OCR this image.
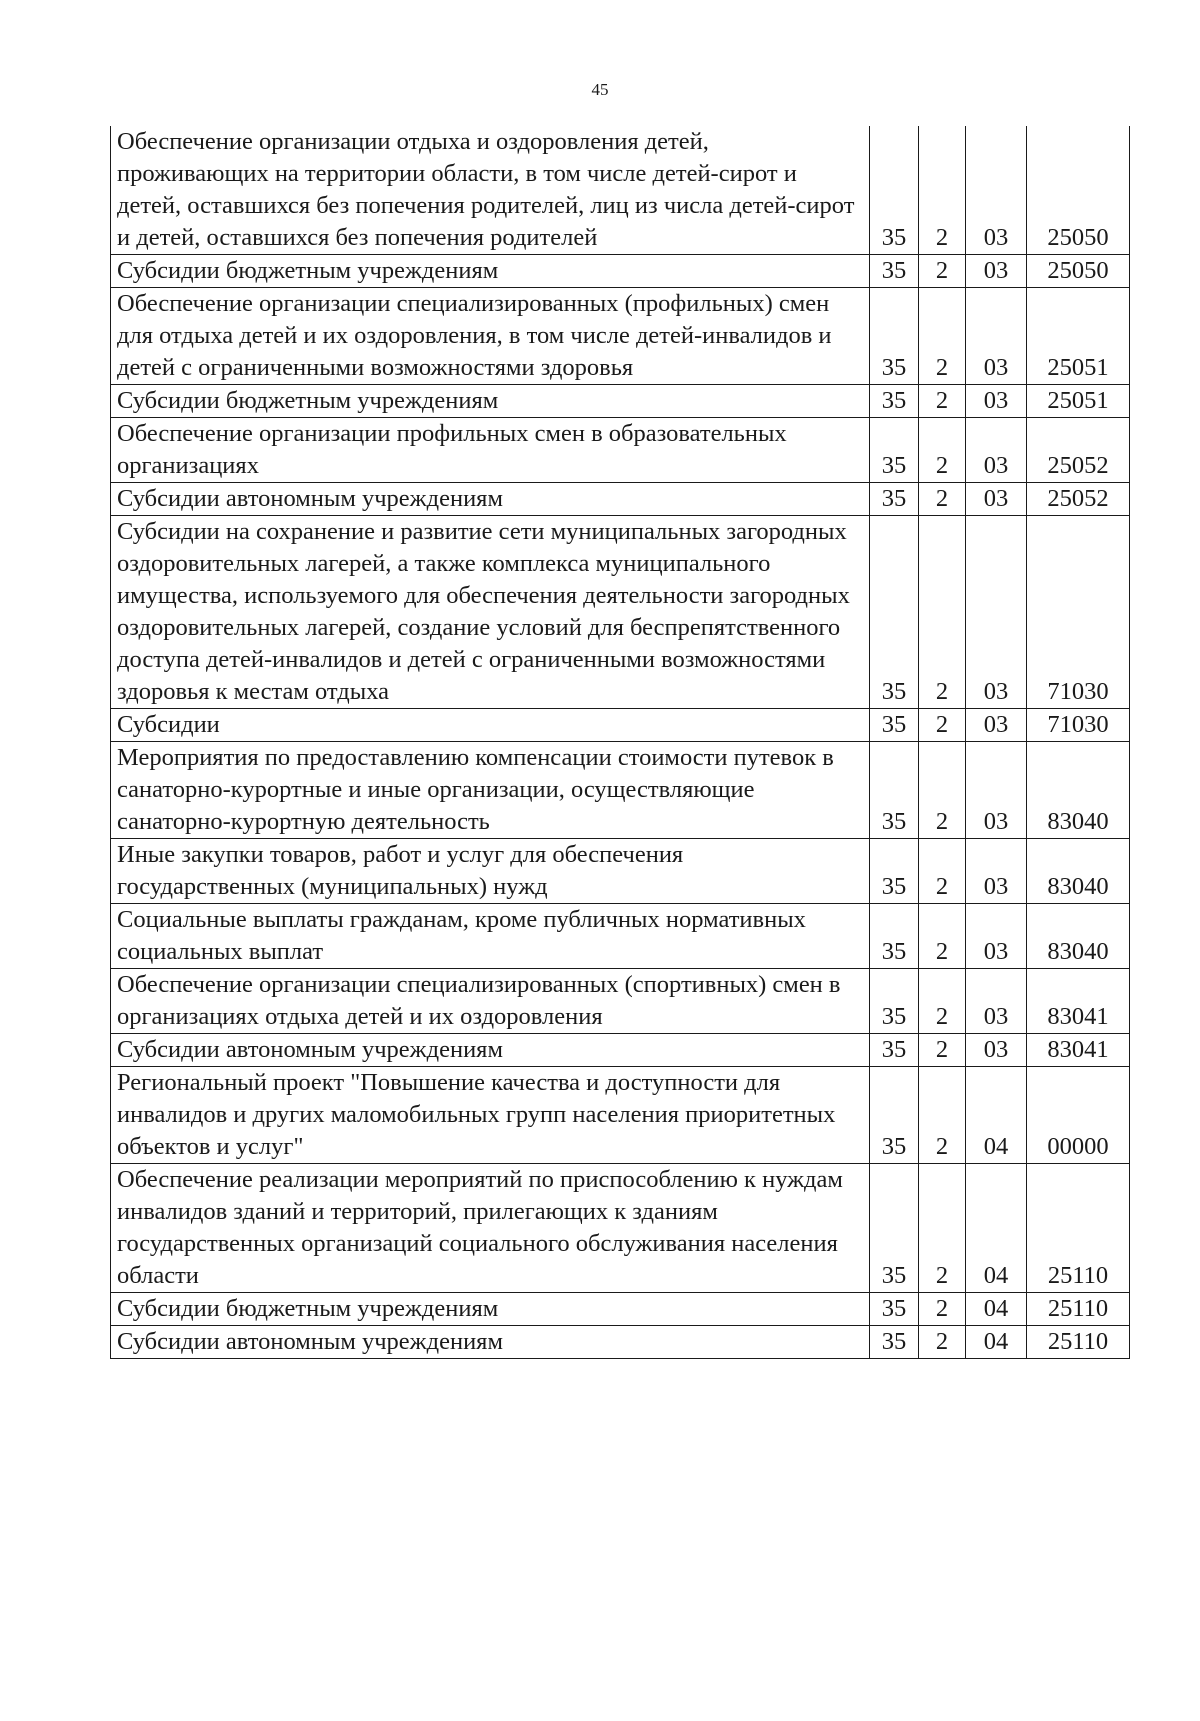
45
Обеспечение организации отдыха и оздоровления детей, проживающих на территории области, в том числе детей-сирот и детей, оставшихся без попечения родителей, лиц из числа детей-сирот и детей, оставшихся без попечения родителей	35	2	03	25050
Субсидии бюджетным учреждениям	35	2	03	25050
Обеспечение организации специализированных (профильных) смен для отдыха детей и их оздоровления, в том числе детей-инвалидов и детей с ограниченными возможностями здоровья	35	2	03	25051
Субсидии бюджетным учреждениям	35	2	03	25051
Обеспечение организации профильных смен в образовательных организациях	35	2	03	25052
Субсидии автономным учреждениям	35	2	03	25052
Субсидии на сохранение и развитие сети муниципальных загородных оздоровительных лагерей, а также комплекса муниципального имущества, используемого для обеспечения деятельности загородных оздоровительных лагерей, создание условий для беспрепятственного доступа детей-инвалидов и детей с ограниченными возможностями здоровья к местам отдыха	35	2	03	71030
Субсидии	35	2	03	71030
Мероприятия по предоставлению компенсации стоимости путевок в санаторно-курортные и иные организации, осуществляющие санаторно-курортную деятельность	35	2	03	83040
Иные закупки товаров, работ и услуг для обеспечения государственных (муниципальных) нужд	35	2	03	83040
Социальные выплаты гражданам, кроме публичных нормативных социальных выплат	35	2	03	83040
Обеспечение организации специализированных (спортивных) смен в организациях отдыха детей и их оздоровления	35	2	03	83041
Субсидии автономным учреждениям	35	2	03	83041
Региональный проект "Повышение качества и доступности для инвалидов и других маломобильных групп населения приоритетных объектов и услуг"	35	2	04	00000
Обеспечение реализации мероприятий по приспособлению к нуждам инвалидов зданий и территорий, прилегающих к зданиям государственных организаций социального обслуживания населения области	35	2	04	25110
Субсидии бюджетным учреждениям	35	2	04	25110
Субсидии автономным учреждениям	35	2	04	25110
